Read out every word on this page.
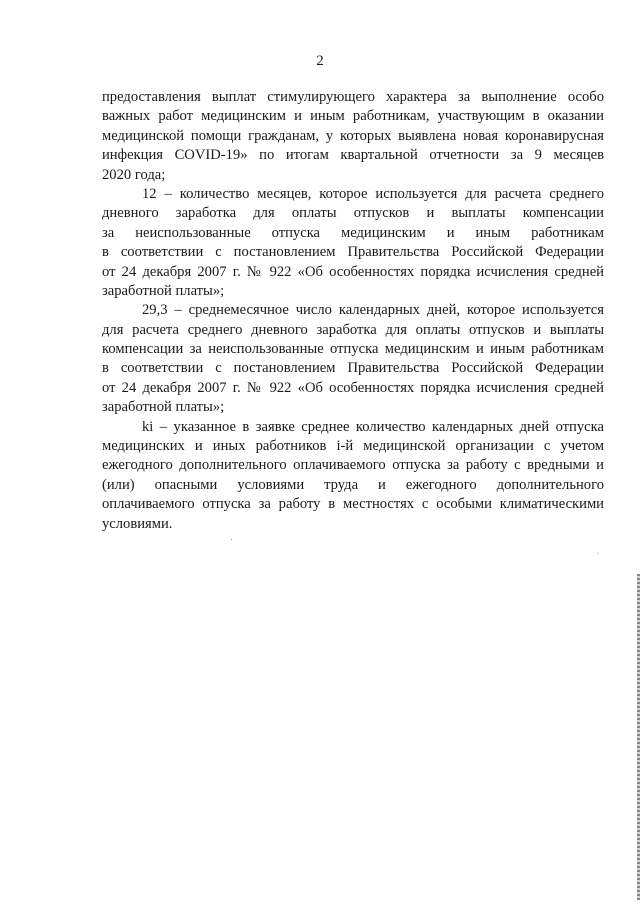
2
предоставления выплат стимулирующего характера за выполнение особо
важных работ медицинским и иным работникам, участвующим в оказании
медицинской помощи гражданам, у которых выявлена новая коронавирусная
инфекция COVID-19» по итогам квартальной отчетности за 9 месяцев
2020 года;
12 – количество месяцев, которое используется для расчета среднего
дневного заработка для оплаты отпусков и выплаты компенсации
за неиспользованные отпуска медицинским и иным работникам
в соответствии с постановлением Правительства Российской Федерации
от 24 декабря 2007 г. № 922 «Об особенностях порядка исчисления средней
заработной платы»;
29,3 – среднемесячное число календарных дней, которое используется
для расчета среднего дневного заработка для оплаты отпусков и выплаты
компенсации за неиспользованные отпуска медицинским и иным работникам
в соответствии с постановлением Правительства Российской Федерации
от 24 декабря 2007 г. № 922 «Об особенностях порядка исчисления средней
заработной платы»;
ki – указанное в заявке среднее количество календарных дней отпуска
медицинских и иных работников i-й медицинской организации с учетом
ежегодного дополнительного оплачиваемого отпуска за работу с вредными и
(или) опасными условиями труда и ежегодного дополнительного
оплачиваемого отпуска за работу в местностях с особыми климатическими
условиями.
